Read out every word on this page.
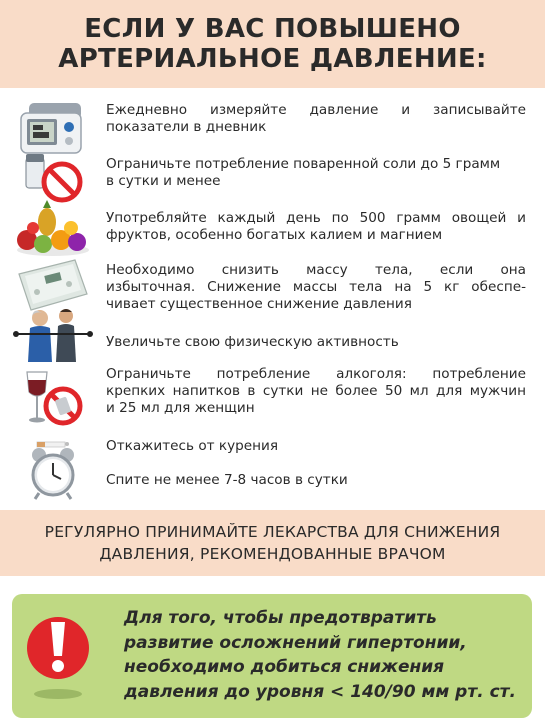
ЕСЛИ У ВАС ПОВЫШЕНО
АРТЕРИАЛЬНОЕ ДАВЛЕНИЕ:
Ежедневно измеряйте давление и записывайте
показатели в дневник
Ограничьте потребление поваренной соли до 5 грамм
в сутки и менее
Употребляйте каждый день по 500 грамм овощей и
фруктов, особенно богатых калием и магнием
Необходимо снизить массу тела, если она
избыточная. Снижение массы тела на 5 кг обеспе-
чивает существенное снижение давления
Увеличьте свою физическую активность
Ограничьте потребление алкоголя: потребление
крепких напитков в сутки не более 50 мл для мужчин
и 25 мл для женщин
Откажитесь от курения
Спите не менее 7-8 часов в сутки
РЕГУЛЯРНО ПРИНИМАЙТЕ ЛЕКАРСТВА ДЛЯ СНИЖЕНИЯ
ДАВЛЕНИЯ, РЕКОМЕНДОВАННЫЕ ВРАЧОМ
Для того, чтобы предотвратить
развитие осложнений гипертонии,
необходимо добиться снижения
давления до уровня < 140/90 мм рт. ст.
